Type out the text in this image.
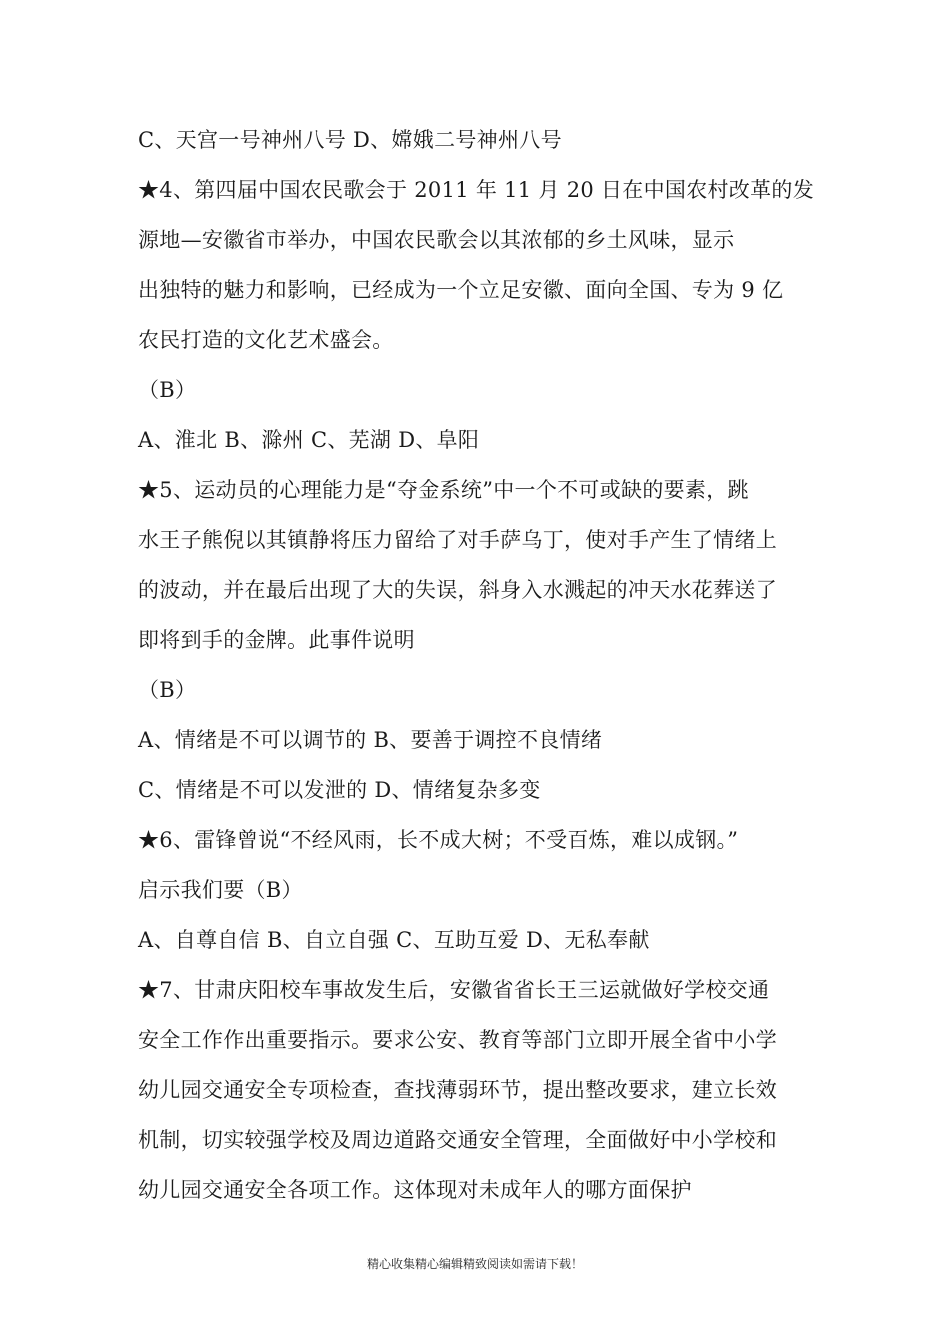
C、天宫一号神州八号 D、嫦娥二号神州八号
★4、第四届中国农民歌会于 2011 年 11 月 20 日在中国农村改革的发
源地—安徽省市举办，中国农民歌会以其浓郁的乡土风味，显示
出独特的魅力和影响，已经成为一个立足安徽、面向全国、专为 9 亿
农民打造的文化艺术盛会。
（B）
A、淮北 B、滁州 C、芜湖 D、阜阳
★5、运动员的心理能力是“夺金系统”中一个不可或缺的要素，跳
水王子熊倪以其镇静将压力留给了对手萨乌丁，使对手产生了情绪上
的波动，并在最后出现了大的失误，斜身入水溅起的冲天水花葬送了
即将到手的金牌。此事件说明
（B）
A、情绪是不可以调节的 B、要善于调控不良情绪
C、情绪是不可以发泄的 D、情绪复杂多变
★6、雷锋曾说“不经风雨，长不成大树；不受百炼，难以成钢。”
启示我们要（B）
A、自尊自信 B、自立自强 C、互助互爱 D、无私奉献
★7、甘肃庆阳校车事故发生后，安徽省省长王三运就做好学校交通
安全工作作出重要指示。要求公安、教育等部门立即开展全省中小学
幼儿园交通安全专项检查，查找薄弱环节，提出整改要求，建立长效
机制，切实较强学校及周边道路交通安全管理，全面做好中小学校和
幼儿园交通安全各项工作。这体现对未成年人的哪方面保护
精心收集精心编辑精致阅读如需请下载！
